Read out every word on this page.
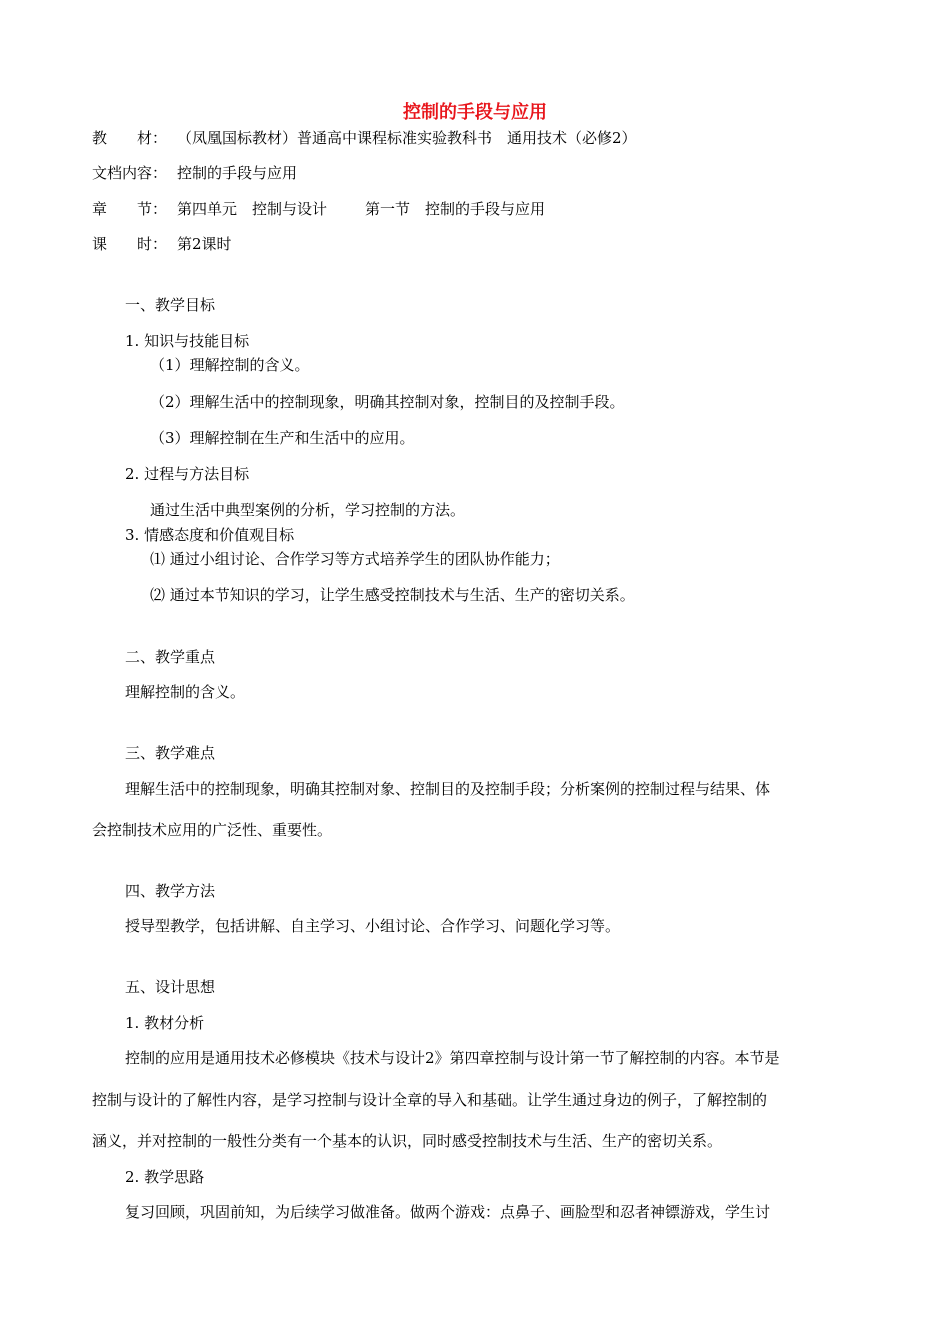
控制的手段与应用
教　　材： （凤凰国标教材）普通高中课程标准实验教科书　通用技术（必修2）
文档内容： 控制的手段与应用
章　　节： 第四单元　控制与设计	第一节　控制的手段与应用
课　　时： 第2课时
一、教学目标
1. 知识与技能目标
（1）理解控制的含义。
（2）理解生活中的控制现象，明确其控制对象，控制目的及控制手段。
（3）理解控制在生产和生活中的应用。
2. 过程与方法目标
通过生活中典型案例的分析，学习控制的方法。
3. 情感态度和价值观目标
⑴ 通过小组讨论、合作学习等方式培养学生的团队协作能力；
⑵ 通过本节知识的学习，让学生感受控制技术与生活、生产的密切关系。
二、教学重点
理解控制的含义。
三、教学难点
理解生活中的控制现象，明确其控制对象、控制目的及控制手段；分析案例的控制过程与结果、体
会控制技术应用的广泛性、重要性。
四、教学方法
授导型教学，包括讲解、自主学习、小组讨论、合作学习、问题化学习等。
五、设计思想
1. 教材分析
控制的应用是通用技术必修模块《技术与设计2》第四章控制与设计第一节了解控制的内容。本节是
控制与设计的了解性内容，是学习控制与设计全章的导入和基础。让学生通过身边的例子，了解控制的
涵义，并对控制的一般性分类有一个基本的认识，同时感受控制技术与生活、生产的密切关系。
2. 教学思路
复习回顾，巩固前知，为后续学习做准备。做两个游戏：点鼻子、画脸型和忍者神镖游戏，学生讨
